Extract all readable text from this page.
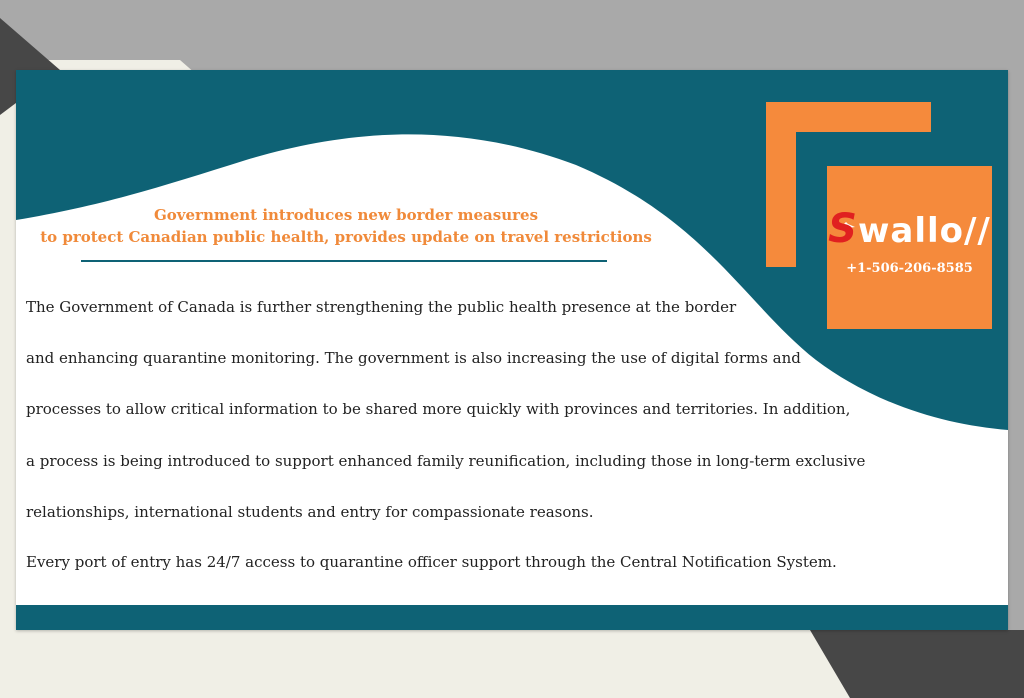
Swallo//
+1-506-206-8585
Government introduces new border measures
to protect Canadian public health, provides update on travel restrictions
The Government of Canada is further strengthening the public health presence at the border
and enhancing quarantine monitoring. The government is also increasing the use of digital forms and
processes to allow critical information to be shared more quickly with provinces and territories. In addition,
a process is being introduced to support enhanced family reunification, including those in long-term exclusive
relationships, international students and entry for compassionate reasons.
Every port of entry has 24/7 access to quarantine officer support through the Central Notification System.
